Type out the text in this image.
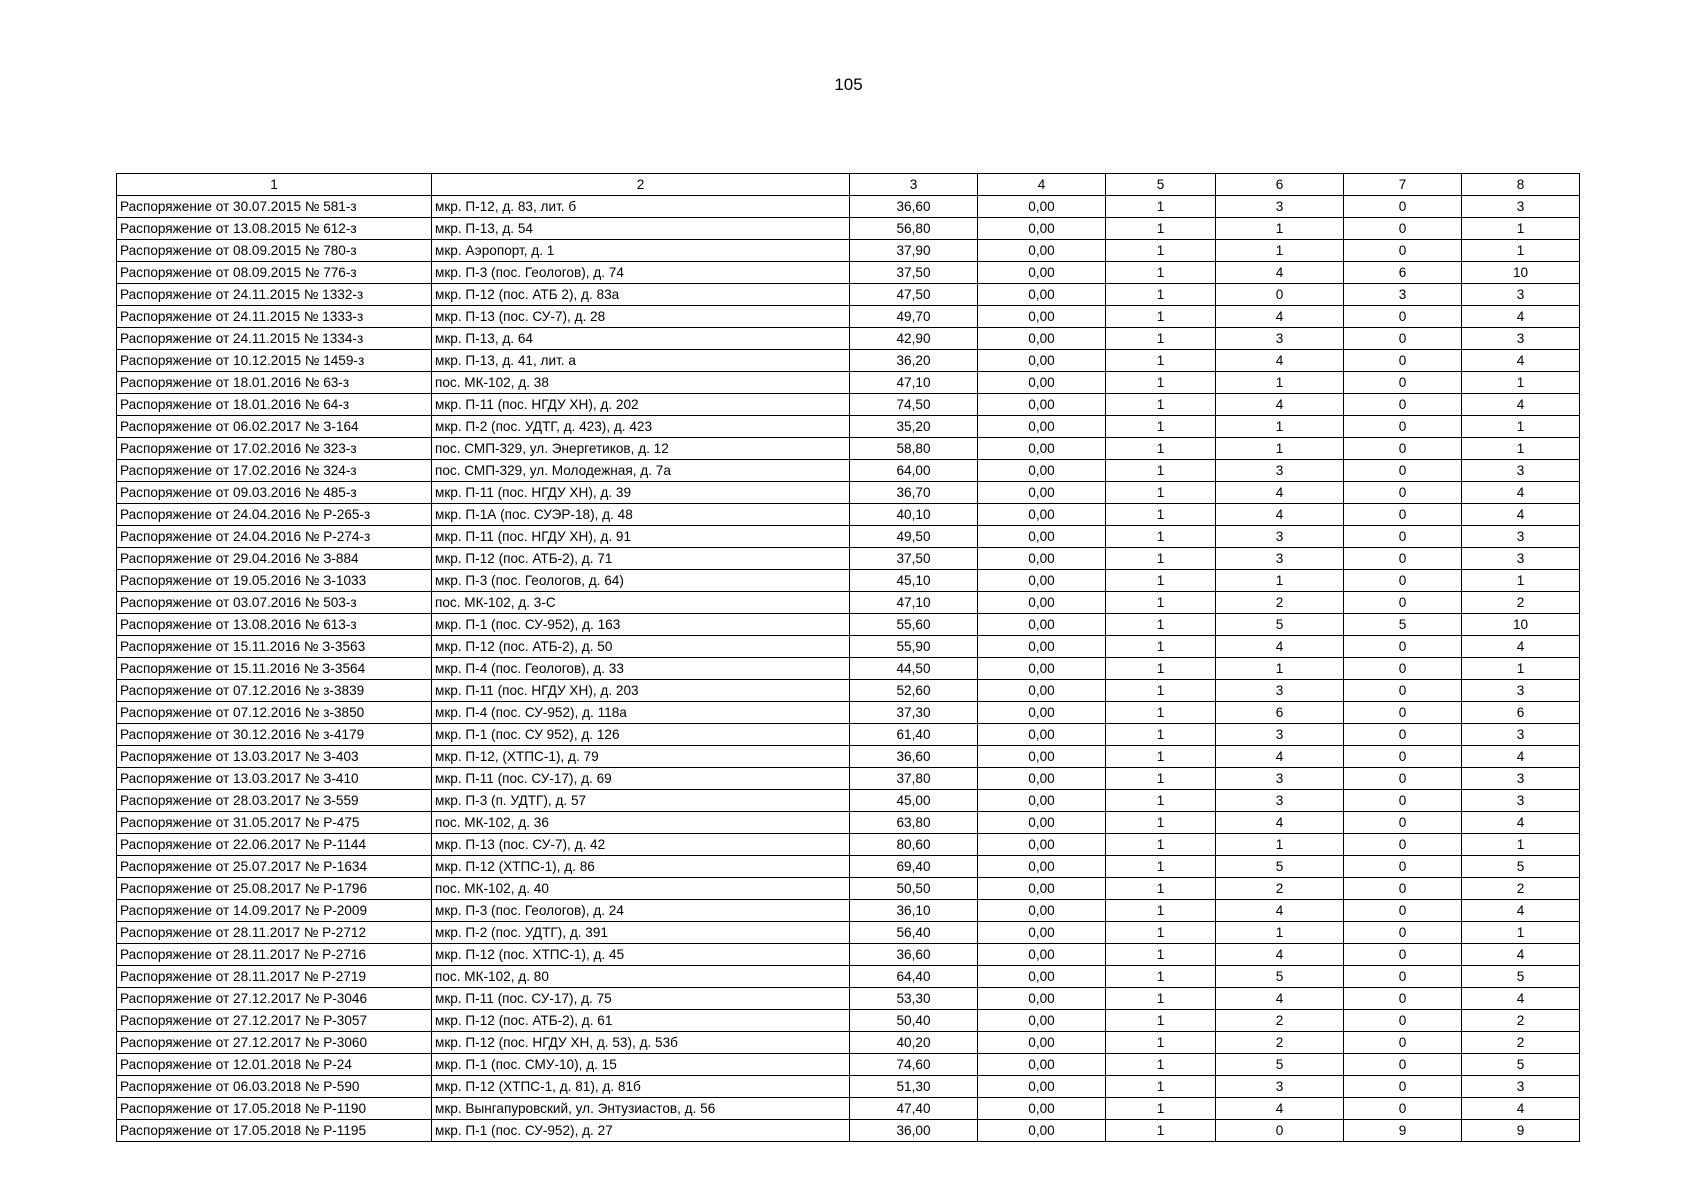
105
1	2	3	4	5	6	7	8
Распоряжение от 30.07.2015 № 581-з	мкр. П-12, д. 83, лит. б	36,60	0,00	1	3	0	3
Распоряжение от 13.08.2015 № 612-з	мкр. П-13, д. 54	56,80	0,00	1	1	0	1
Распоряжение от 08.09.2015 № 780-з	мкр. Аэропорт, д. 1	37,90	0,00	1	1	0	1
Распоряжение от 08.09.2015 № 776-з	мкр. П-3 (пос. Геологов), д. 74	37,50	0,00	1	4	6	10
Распоряжение от 24.11.2015 № 1332-з	мкр. П-12 (пос. АТБ 2), д. 83а	47,50	0,00	1	0	3	3
Распоряжение от 24.11.2015 № 1333-з	мкр. П-13 (пос. СУ-7), д. 28	49,70	0,00	1	4	0	4
Распоряжение от 24.11.2015 № 1334-з	мкр. П-13, д. 64	42,90	0,00	1	3	0	3
Распоряжение от 10.12.2015 № 1459-з	мкр. П-13, д. 41, лит. а	36,20	0,00	1	4	0	4
Распоряжение от 18.01.2016 № 63-з	пос. МК-102, д. 38	47,10	0,00	1	1	0	1
Распоряжение от 18.01.2016 № 64-з	мкр. П-11 (пос. НГДУ ХН), д. 202	74,50	0,00	1	4	0	4
Распоряжение от 06.02.2017 № З-164	мкр. П-2 (пос. УДТГ, д. 423), д. 423	35,20	0,00	1	1	0	1
Распоряжение от 17.02.2016 № 323-з	пос. СМП-329, ул. Энергетиков, д. 12	58,80	0,00	1	1	0	1
Распоряжение от 17.02.2016 № 324-з	пос. СМП-329, ул. Молодежная, д. 7а	64,00	0,00	1	3	0	3
Распоряжение от 09.03.2016 № 485-з	мкр. П-11 (пос. НГДУ ХН), д. 39	36,70	0,00	1	4	0	4
Распоряжение от 24.04.2016 № Р-265-з	мкр. П-1А (пос. СУЭР-18), д. 48	40,10	0,00	1	4	0	4
Распоряжение от 24.04.2016 № Р-274-з	мкр. П-11 (пос. НГДУ ХН), д. 91	49,50	0,00	1	3	0	3
Распоряжение от 29.04.2016 № З-884	мкр. П-12 (пос. АТБ-2), д. 71	37,50	0,00	1	3	0	3
Распоряжение от 19.05.2016 № З-1033	мкр. П-3 (пос. Геологов, д. 64)	45,10	0,00	1	1	0	1
Распоряжение от 03.07.2016 № 503-з	пос. МК-102, д. 3-С	47,10	0,00	1	2	0	2
Распоряжение от 13.08.2016 № 613-з	мкр. П-1 (пос. СУ-952), д. 163	55,60	0,00	1	5	5	10
Распоряжение от 15.11.2016 № З-3563	мкр. П-12 (пос. АТБ-2), д. 50	55,90	0,00	1	4	0	4
Распоряжение от 15.11.2016 № З-3564	мкр. П-4 (пос. Геологов), д. 33	44,50	0,00	1	1	0	1
Распоряжение от 07.12.2016 № з-3839	мкр. П-11 (пос. НГДУ ХН), д. 203	52,60	0,00	1	3	0	3
Распоряжение от 07.12.2016 № з-3850	мкр. П-4 (пос. СУ-952), д. 118а	37,30	0,00	1	6	0	6
Распоряжение от 30.12.2016 № з-4179	мкр. П-1 (пос. СУ 952), д. 126	61,40	0,00	1	3	0	3
Распоряжение от 13.03.2017 № З-403	мкр. П-12, (ХТПС-1), д. 79	36,60	0,00	1	4	0	4
Распоряжение от 13.03.2017 № З-410	мкр. П-11 (пос. СУ-17), д. 69	37,80	0,00	1	3	0	3
Распоряжение от 28.03.2017 № З-559	мкр. П-3 (п. УДТГ), д. 57	45,00	0,00	1	3	0	3
Распоряжение от 31.05.2017 № Р-475	пос. МК-102, д. 36	63,80	0,00	1	4	0	4
Распоряжение от 22.06.2017 № Р-1144	мкр. П-13 (пос. СУ-7), д. 42	80,60	0,00	1	1	0	1
Распоряжение от 25.07.2017 № Р-1634	мкр. П-12 (ХТПС-1), д. 86	69,40	0,00	1	5	0	5
Распоряжение от 25.08.2017 № Р-1796	пос. МК-102, д. 40	50,50	0,00	1	2	0	2
Распоряжение от 14.09.2017 № Р-2009	мкр. П-3 (пос. Геологов), д. 24	36,10	0,00	1	4	0	4
Распоряжение от 28.11.2017 № Р-2712	мкр. П-2 (пос. УДТГ), д. 391	56,40	0,00	1	1	0	1
Распоряжение от 28.11.2017 № Р-2716	мкр. П-12 (пос. ХТПС-1), д. 45	36,60	0,00	1	4	0	4
Распоряжение от 28.11.2017 № Р-2719	пос. МК-102, д. 80	64,40	0,00	1	5	0	5
Распоряжение от 27.12.2017 № Р-3046	мкр. П-11 (пос. СУ-17), д. 75	53,30	0,00	1	4	0	4
Распоряжение от 27.12.2017 № Р-3057	мкр. П-12 (пос. АТБ-2), д. 61	50,40	0,00	1	2	0	2
Распоряжение от 27.12.2017 № Р-3060	мкр. П-12 (пос. НГДУ ХН, д. 53), д. 53б	40,20	0,00	1	2	0	2
Распоряжение от 12.01.2018 № Р-24	мкр. П-1 (пос. СМУ-10), д. 15	74,60	0,00	1	5	0	5
Распоряжение от 06.03.2018 № Р-590	мкр. П-12 (ХТПС-1, д. 81), д. 81б	51,30	0,00	1	3	0	3
Распоряжение от 17.05.2018 № Р-1190	мкр. Вынгапуровский, ул. Энтузиастов, д. 56	47,40	0,00	1	4	0	4
Распоряжение от 17.05.2018 № Р-1195	мкр. П-1 (пос. СУ-952), д. 27	36,00	0,00	1	0	9	9
